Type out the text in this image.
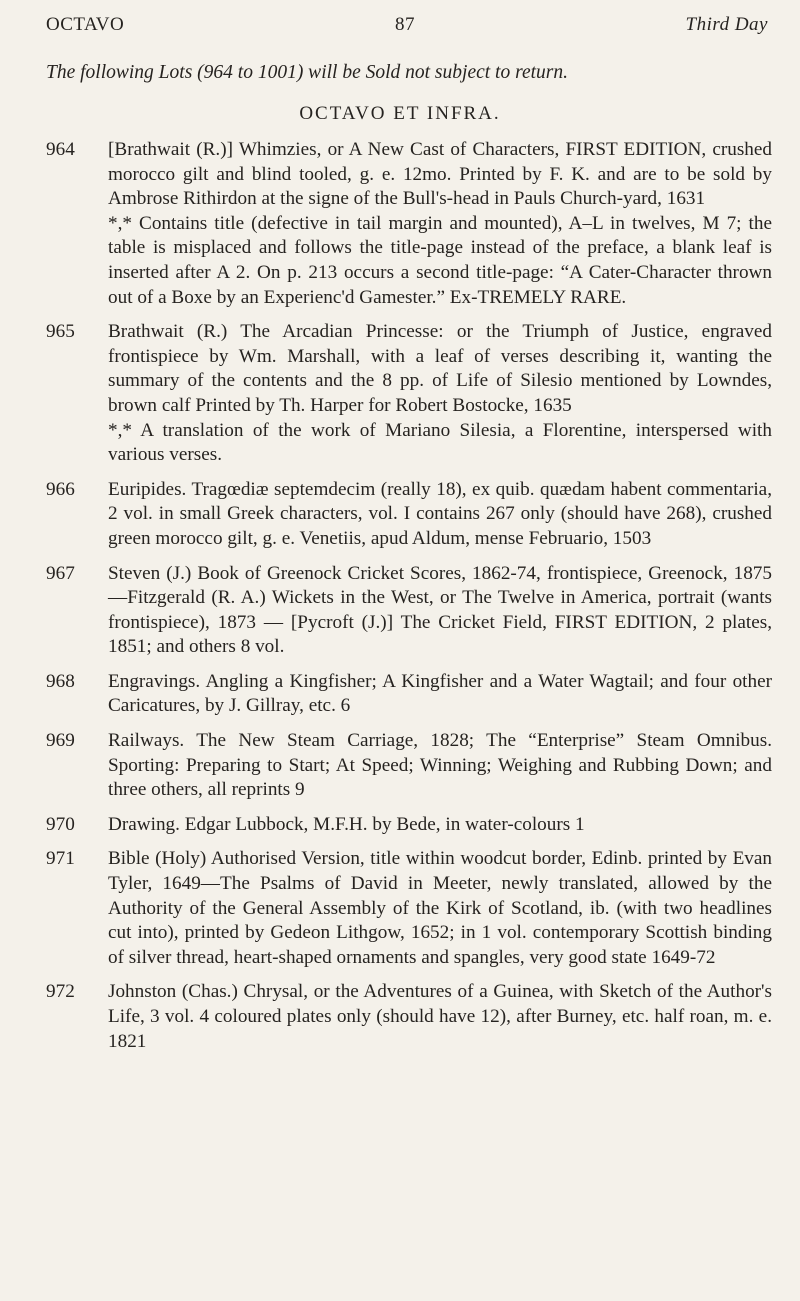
OCTAVO	87	Third Day
The following Lots (964 to 1001) will be Sold not subject to return.
OCTAVO ET INFRA.
964	[Brathwait (R.)] Whimzies, or A New Cast of Characters, FIRST EDITION, crushed morocco gilt and blind tooled, g. e. 12mo. Printed by F. K. and are to be sold by Ambrose Rithirdon at the signe of the Bull's-head in Pauls Church-yard, 1631

*,* Contains title (defective in tail margin and mounted), A–L in twelves, M 7; the table is misplaced and follows the title-page instead of the preface, a blank leaf is inserted after A 2. On p. 213 occurs a second title-page: “A Cater-Character thrown out of a Boxe by an Experienc'd Gamester.” Ex-TREMELY RARE.

965	Brathwait (R.) The Arcadian Princesse: or the Triumph of Justice, engraved frontispiece by Wm. Marshall, with a leaf of verses describing it, wanting the summary of the contents and the 8 pp. of Life of Silesio mentioned by Lowndes, brown calf Printed by Th. Harper for Robert Bostocke, 1635

*,* A translation of the work of Mariano Silesia, a Florentine, interspersed with various verses.

966	Euripides. Tragœdiæ septemdecim (really 18), ex quib. quædam habent commentaria, 2 vol. in small Greek characters, vol. I contains 267 only (should have 268), crushed green morocco gilt, g. e. Venetiis, apud Aldum, mense Februario, 1503

967	Steven (J.) Book of Greenock Cricket Scores, 1862-74, frontispiece, Greenock, 1875—Fitzgerald (R. A.) Wickets in the West, or The Twelve in America, portrait (wants frontispiece), 1873 — [Pycroft (J.)] The Cricket Field, FIRST EDITION, 2 plates, 1851; and others 8 vol.

968	Engravings. Angling a Kingfisher; A Kingfisher and a Water Wagtail; and four other Caricatures, by J. Gillray, etc. 6

969	Railways. The New Steam Carriage, 1828; The “Enterprise” Steam Omnibus. Sporting: Preparing to Start; At Speed; Winning; Weighing and Rubbing Down; and three others, all reprints 9

970	Drawing. Edgar Lubbock, M.F.H. by Bede, in water-colours 1

971	Bible (Holy) Authorised Version, title within woodcut border, Edinb. printed by Evan Tyler, 1649—The Psalms of David in Meeter, newly translated, allowed by the Authority of the General Assembly of the Kirk of Scotland, ib. (with two headlines cut into), printed by Gedeon Lithgow, 1652; in 1 vol. contemporary Scottish binding of silver thread, heart-shaped ornaments and spangles, very good state 1649-72

972	Johnston (Chas.) Chrysal, or the Adventures of a Guinea, with Sketch of the Author's Life, 3 vol. 4 coloured plates only (should have 12), after Burney, etc. half roan, m. e. 1821
